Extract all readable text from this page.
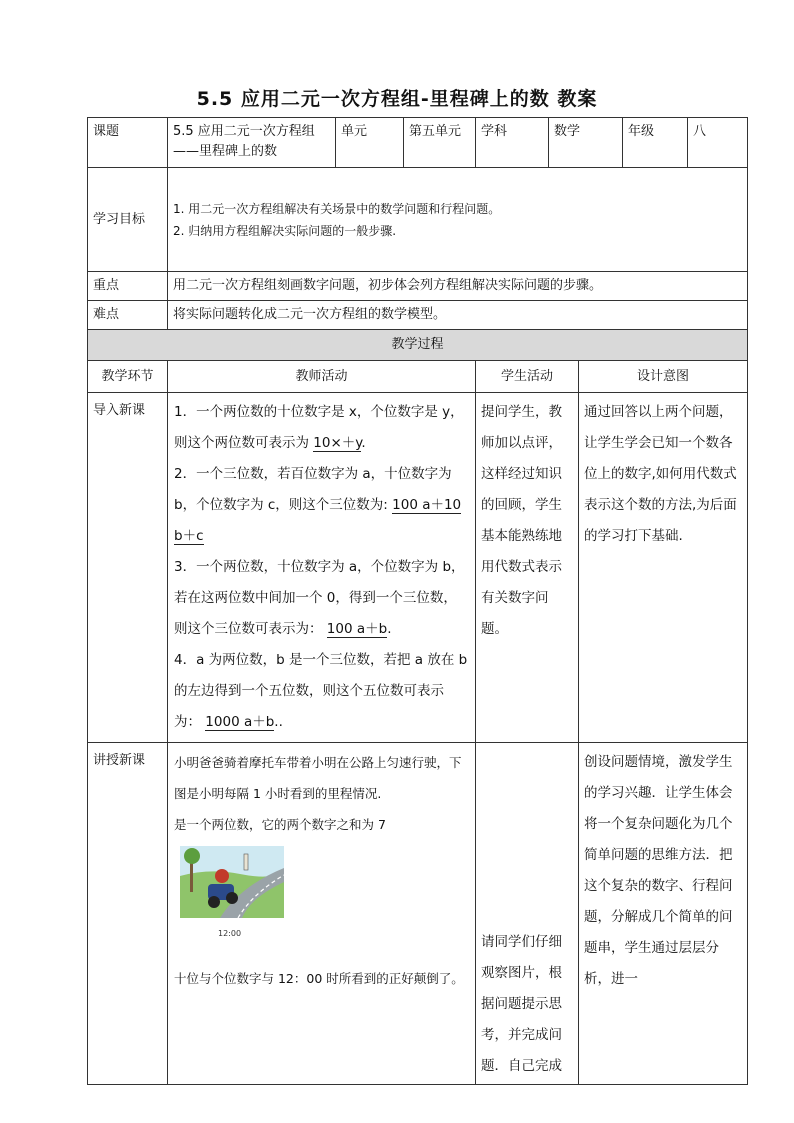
5.5 应用二元一次方程组-里程碑上的数 教案
课题	5.5 应用二元一次方程组——里程碑上的数	单元	第五单元	学科	数学		年级	八
学习目标	1. 用二元一次方程组解决有关场景中的数学问题和行程问题。
2. 归纳用方程组解决实际问题的一般步骤.							

重点	用二元一次方程组刻画数字问题，初步体会列方程组解决实际问题的步骤。							
难点	将实际问题转化成二元一次方程组的数学模型。							
教学过程								
教学环节	教师活动			学生活动		设计意图		
导入新课	1．一个两位数的十位数字是 x，个位数字是 y，则这个两位数可表示为 10×＋y.
2．一个三位数，若百位数字为 a，十位数字为 b，个位数字为 c，则这个三位数为: 100 a＋10 b＋c
3．一个两位数，十位数字为 a，个位数字为 b，若在这两位数中间加一个 0，得到一个三位数，则这个三位数可表示为： 100 a＋b.
4．a 为两位数，b 是一个三位数，若把 a 放在 b 的左边得到一个五位数，则这个五位数可表示为： 1000 a＋b..			提问学生，教师加以点评，这样经过知识的回顾，学生基本能熟练地用代数式表示有关数字问题。		通过回答以上两个问题，让学生学会已知一个数各位上的数字,如何用代数式表示这个数的方法,为后面的学习打下基础.		
讲授新课	小明爸爸骑着摩托车带着小明在公路上匀速行驶，下图是小明每隔 1 小时看到的里程情况.
是一个两位数，它的两个数字之和为 7
12:00
十位与个位数字与 12：00 时所看到的正好颠倒了。			请同学们仔细观察图片，根据问题提示思考，并完成问题．自己完成		创设问题情境，激发学生的学习兴趣．让学生体会将一个复杂问题化为几个简单问题的思维方法．把这个复杂的数字、行程问题，分解成几个简单的问题串，学生通过层层分析，进一		
